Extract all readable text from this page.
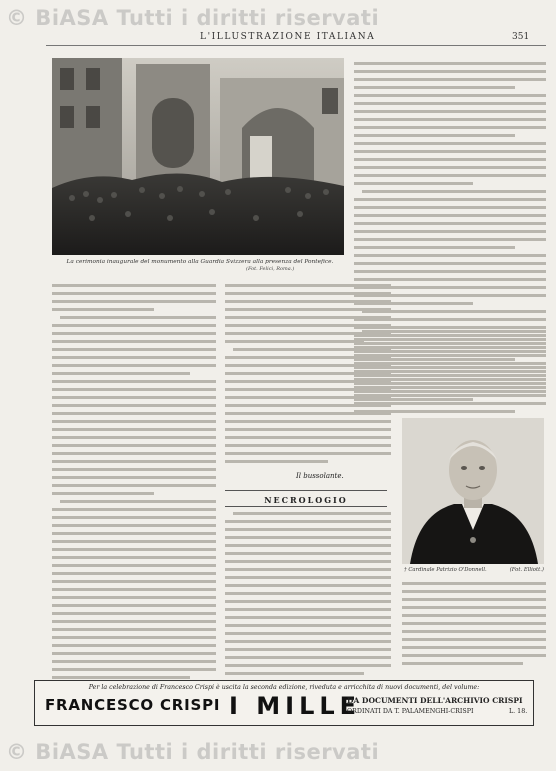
© BiASA Tutti i diritti riservati
L'ILLUSTRAZIONE ITALIANA	351
La cerimonia inaugurale del monumento alla Guardia Svizzera alla presenza del Pontefice.
(Fot. Felici, Roma.)
Il bussolante.
NECROLOGIO
† Cardinale Patrizio O'Donnell.	(Fot. Elliott.)
Per la celebrazione di Francesco Crispi è uscita la seconda edizione, riveduta e arricchita di nuovi documenti, del volume:
FRANCESCO CRISPI I MILLE
DA DOCUMENTI DELL'ARCHIVIO CRISPI
ORDINATI DA T. PALAMENGHI-CRISPI	L. 18.
© BiASA Tutti i diritti riservati
